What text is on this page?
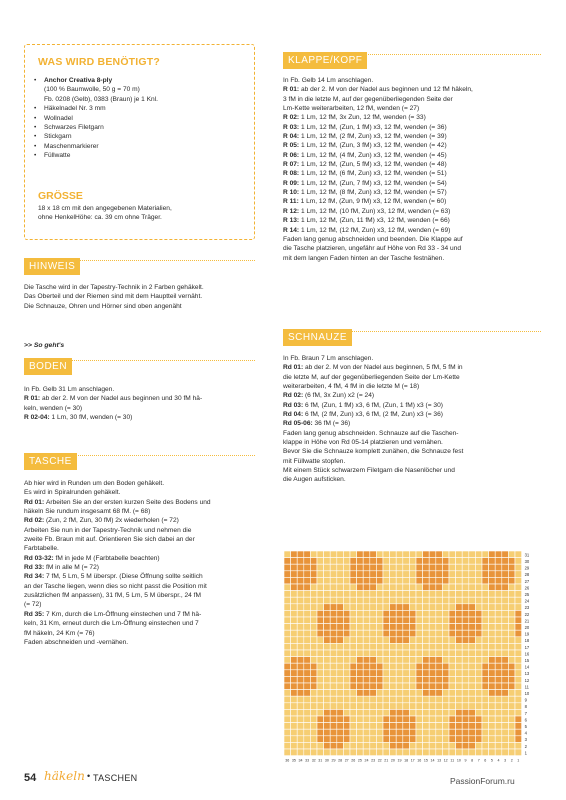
WAS WIRD BENÖTIGT?
• Anchor Creativa 8-ply
(100 % Baumwolle, 50 g = 70 m)
Fb. 0208 (Gelb), 0383 (Braun) je 1 Knl.
• Häkelnadel Nr. 3 mm
• Wollnadel
• Schwarzes Filetgarn
• Stickgarn
• Maschenmarkierer
• Füllwatte
GRÖSSE
18 x 18 cm mit den angegebenen Materialien,
ohne HenkelHöhe: ca. 39 cm ohne Träger.
HINWEIS
Die Tasche wird in der Tapestry-Technik in 2 Farben gehäkelt.
Das Oberteil und der Riemen sind mit dem Hauptteil vernäht.
Die Schnauze, Ohren und Hörner sind oben angenäht
>> So geht's
BODEN
In Fb. Gelb 31 Lm anschlagen.
R 01: ab der 2. M von der Nadel aus beginnen und 30 fM hä-
keln, wenden (= 30)
R 02-04: 1 Lm, 30 fM, wenden (= 30)
TASCHE
Ab hier wird in Runden um den Boden gehäkelt.
Es wird in Spiralrunden gehäkelt.
Rd 01: Arbeiten Sie an der ersten kurzen Seite des Bodens und
häkeln Sie rundum insgesamt 68 fM. (= 68)
Rd 02: (Zun, 2 fM, Zun, 30 fM) 2x wiederholen (= 72)
Arbeiten Sie nun in der Tapestry-Technik und nehmen die
zweite Fb. Braun mit auf. Orientieren Sie sich dabei an der
Farbtabelle.
Rd 03-32: fM in jede M (Farbtabelle beachten)
Rd 33: fM in alle M (= 72)
Rd 34: 7 fM, 5 Lm, 5 M überspr. (Diese Öffnung sollte seitlich
an der Tasche liegen, wenn dies so nicht passt die Position mit
zusätzlichen fM anpassen), 31 fM, 5 Lm, 5 M überspr., 24 fM
(= 72)
Rd 35: 7 Km, durch die Lm-Öffnung einstechen und 7 fM hä-
keln, 31 Km, erneut durch die Lm-Öffnung einstechen und 7
fM häkeln, 24 Km (= 76)
Faden abschneiden und -vernähen.
KLAPPE/KOPF
In Fb. Gelb 14 Lm anschlagen.
R 01: ab der 2. M von der Nadel aus beginnen und 12 fM häkeln,
3 fM in die letzte M, auf der gegenüberliegenden Seite der
Lm-Kette weiterarbeiten, 12 fM, wenden (= 27)
R 02: 1 Lm, 12 fM, 3x Zun, 12 fM, wenden (= 33)
R 03: 1 Lm, 12 fM, (Zun, 1 fM) x3, 12 fM, wenden (= 36)
R 04: 1 Lm, 12 fM, (2 fM, Zun) x3, 12 fM, wenden (= 39)
R 05: 1 Lm, 12 fM, (Zun, 3 fM) x3, 12 fM, wenden (= 42)
R 06: 1 Lm, 12 fM, (4 fM, Zun) x3, 12 fM, wenden (= 45)
R 07: 1 Lm, 12 fM, (Zun, 5 fM) x3, 12 fM, wenden (= 48)
R 08: 1 Lm, 12 fM, (6 fM, Zun) x3, 12 fM, wenden (= 51)
R 09: 1 Lm, 12 fM, (Zun, 7 fM) x3, 12 fM, wenden (= 54)
R 10: 1 Lm, 12 fM, (8 fM, Zun) x3, 12 fM, wenden (= 57)
R 11: 1 Lm, 12 fM, (Zun, 9 fM) x3, 12 fM, wenden (= 60)
R 12: 1 Lm, 12 fM, (10 fM, Zun) x3, 12 fM, wenden (= 63)
R 13: 1 Lm, 12 fM, (Zun, 11 fM) x3, 12 fM, wenden (= 66)
R 14: 1 Lm, 12 fM, (12 fM, Zun) x3, 12 fM, wenden (= 69)
Faden lang genug abschneiden und beenden. Die Klappe auf
die Tasche platzieren, ungefähr auf Höhe von Rd 33 - 34 und
mit dem langen Faden hinten an der Tasche festnähen.
SCHNAUZE
In Fb. Braun 7 Lm anschlagen.
Rd 01: ab der 2. M von der Nadel aus beginnen, 5 fM, 5 fM in
die letzte M, auf der gegenüberliegenden Seite der Lm-Kette
weiterarbeiten, 4 fM, 4 fM in die letzte M (= 18)
Rd 02: (6 fM, 3x Zun) x2 (= 24)
Rd 03: 6 fM, (Zun, 1 fM) x3, 6 fM, (Zun, 1 fM) x3 (= 30)
Rd 04: 6 fM, (2 fM, Zun) x3, 6 fM, (2 fM, Zun) x3 (= 36)
Rd 05-06: 36 fM (= 36)
Faden lang genug abschneiden. Schnauze auf die Taschen-
klappe in Höhe von Rd 05-14 platzieren und vernähen.
Bevor Sie die Schnauze komplett zunähen, die Schnauze fest
mit Füllwatte stopfen.
Mit einem Stück schwarzem Filetgarn die Nasenlöcher und
die Augen aufsticken.
31
30
29
28
27
26
25
24
23
22
21
20
19
18
17
16
15
14
13
12
11
10
9
8
7
6
5
4
3
2
1
36 35 34 33 32 31 30 29 28 27 26 25 24 23 22 21 20 19 18 17 16 15 14 13 12 11 10 9 8 7 6 5 4 3 2 1
54 häkeln • TASCHEN	PassionForum.ru
